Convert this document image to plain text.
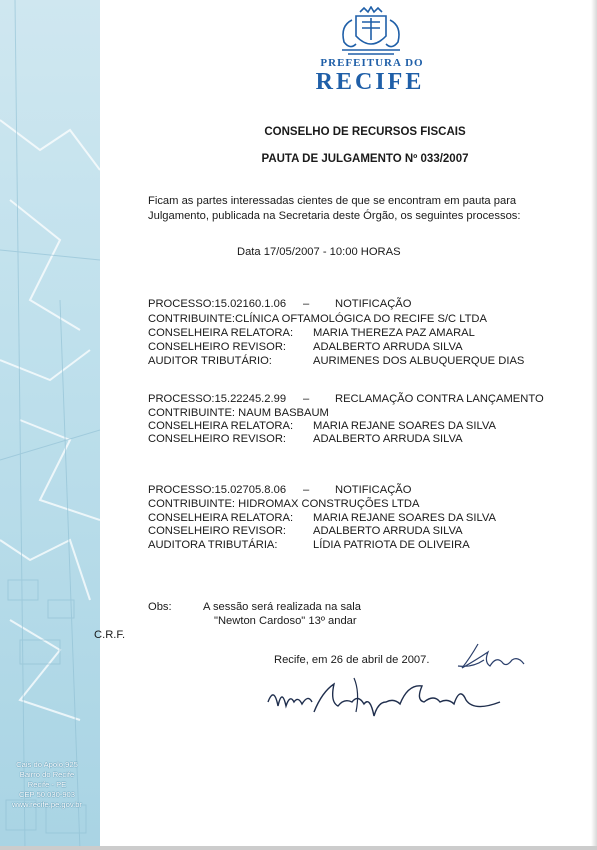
PREFEITURA DO
RECIFE
CONSELHO DE RECURSOS FISCAIS
PAUTA DE JULGAMENTO Nº 033/2007
Ficam as partes interessadas cientes de que se encontram em pauta para
Julgamento, publicada na Secretaria deste Órgão, os seguintes processos:
Data 17/05/2007 - 10:00 HORAS
PROCESSO:15.02160.1.06 – NOTIFICAÇÃO
CONTRIBUINTE:CLÍNICA OFTAMOLÓGICA DO RECIFE S/C LTDA
CONSELHEIRA RELATORA: MARIA THEREZA PAZ AMARAL
CONSELHEIRO REVISOR: ADALBERTO ARRUDA SILVA
AUDITOR TRIBUTÁRIO:	AURIMENES DOS ALBUQUERQUE DIAS
PROCESSO:15.22245.2.99 – RECLAMAÇÃO CONTRA LANÇAMENTO
CONTRIBUINTE: NAUM BASBAUM
CONSELHEIRA RELATORA: MARIA REJANE SOARES DA SILVA
CONSELHEIRO REVISOR: ADALBERTO ARRUDA SILVA
PROCESSO:15.02705.8.06 – NOTIFICAÇÃO
CONTRIBUINTE: HIDROMAX CONSTRUÇÕES LTDA
CONSELHEIRA RELATORA: MARIA REJANE SOARES DA SILVA
CONSELHEIRO REVISOR: ADALBERTO ARRUDA SILVA
AUDITORA TRIBUTÁRIA:	LÍDIA PATRIOTA DE OLIVEIRA
Obs:	A sessão será realizada na sala
"Newton Cardoso" 13º andar
C.R.F.
Recife, em 26 de abril de 2007.
Cais do Apolo,925
Bairro do Recife
Recife - PE
CEP 50.030-903
www.recife.pe.gov.br
